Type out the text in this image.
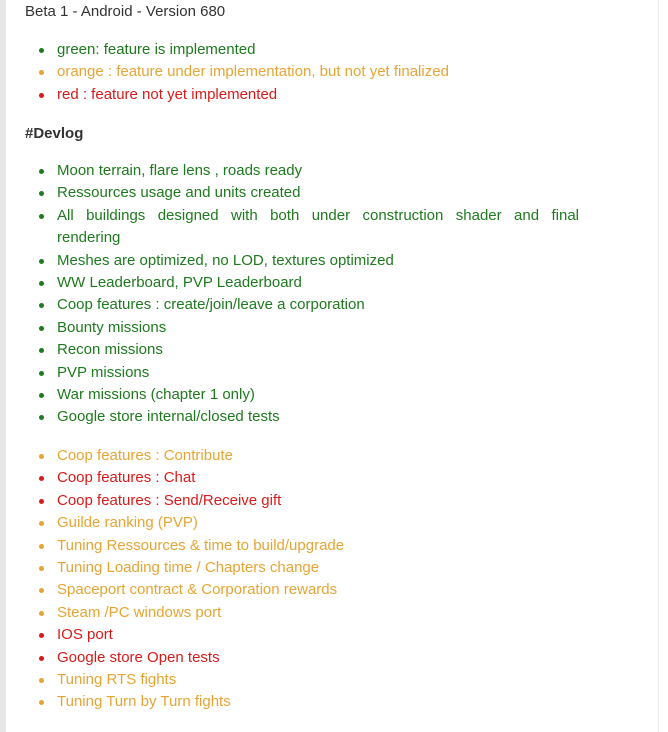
Beta 1 - Android - Version 680
green: feature is implemented
orange : feature under implementation, but not yet finalized
red : feature not yet implemented
#Devlog
Moon terrain, flare lens , roads ready
Ressources usage and units created
All buildings designed with both under construction shader and final
rendering
Meshes are optimized, no LOD, textures optimized
WW Leaderboard, PVP Leaderboard
Coop features : create/join/leave a corporation
Bounty missions
Recon missions
PVP missions
War missions (chapter 1 only)
Google store internal/closed tests
Coop features : Contribute
Coop features : Chat
Coop features : Send/Receive gift
Guilde ranking (PVP)
Tuning Ressources & time to build/upgrade
Tuning Loading time / Chapters change
Spaceport contract & Corporation rewards
Steam /PC windows port
IOS port
Google store Open tests
Tuning RTS fights
Tuning Turn by Turn fights
